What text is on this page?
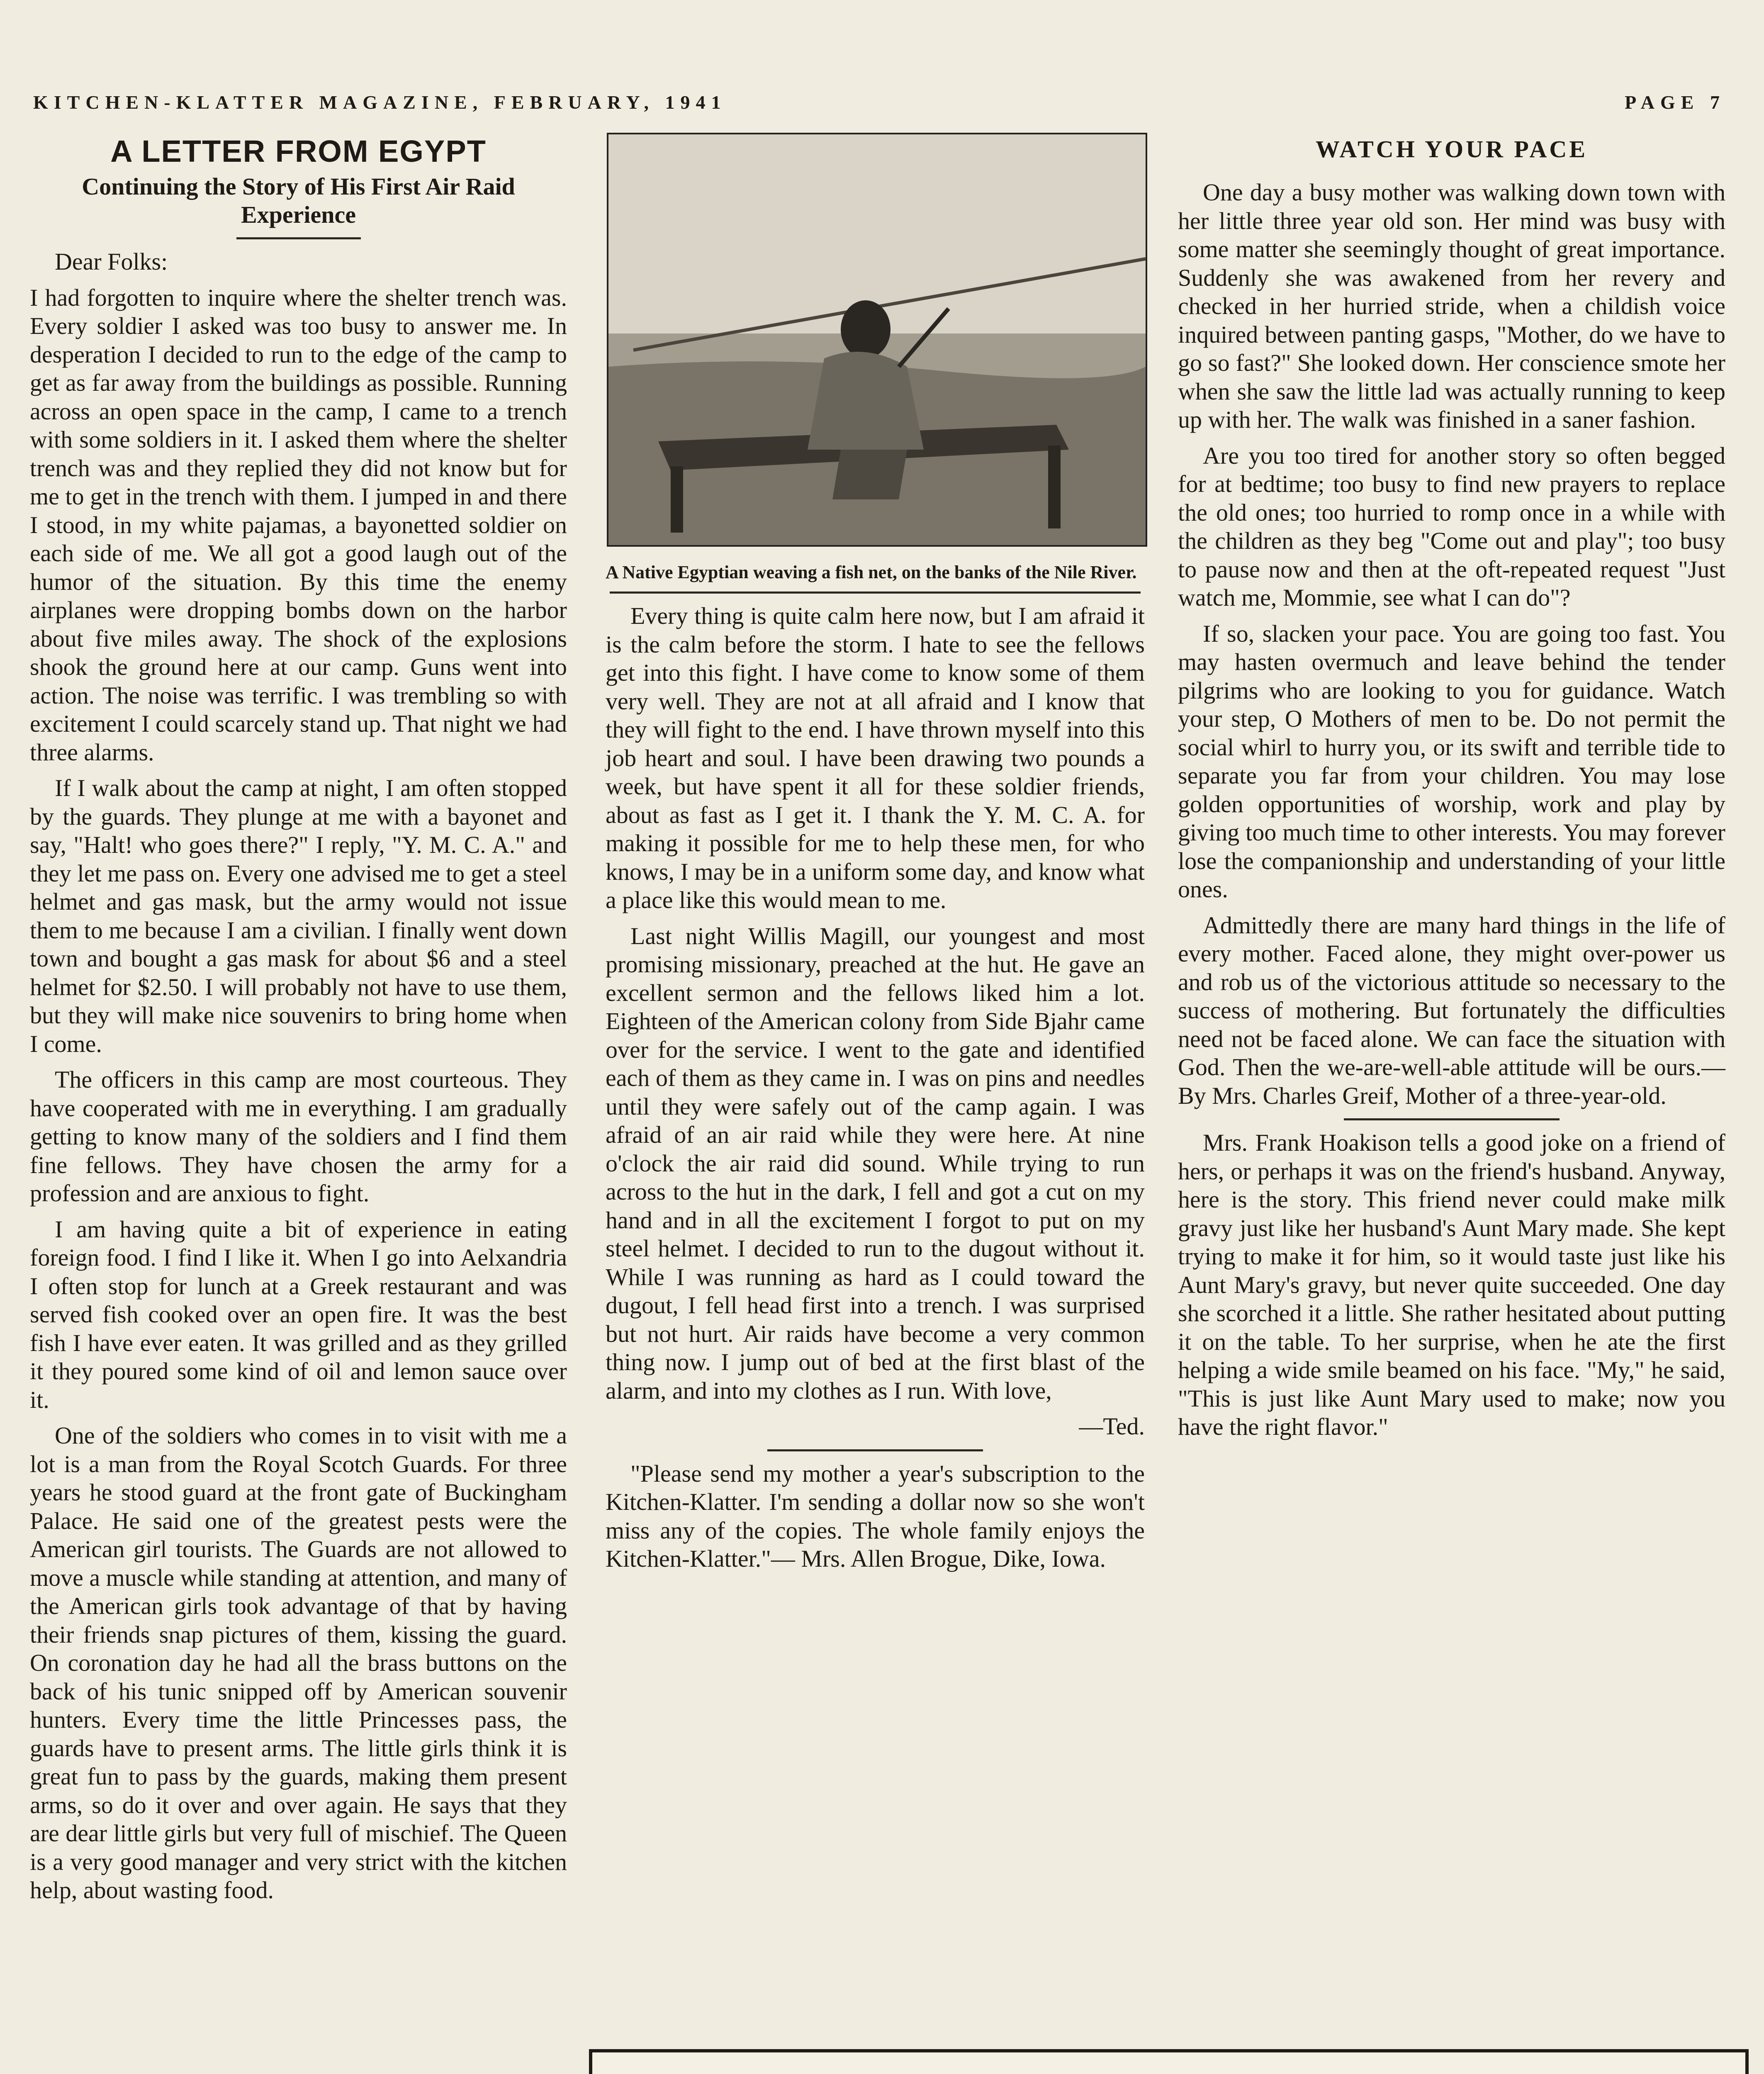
KITCHEN-KLATTER MAGAZINE, FEBRUARY, 1941	PAGE 7
A LETTER FROM EGYPT
Continuing the Story of His First Air Raid Experience

Dear Folks:

I had forgotten to inquire where the shelter trench was. Every soldier I asked was too busy to answer me. In desperation I decided to run to the edge of the camp to get as far away from the buildings as possible. Running across an open space in the camp, I came to a trench with some soldiers in it. I asked them where the shelter trench was and they replied they did not know but for me to get in the trench with them. I jumped in and there I stood, in my white pajamas, a bayonetted soldier on each side of me. We all got a good laugh out of the humor of the situation. By this time the enemy airplanes were dropping bombs down on the harbor about five miles away. The shock of the explosions shook the ground here at our camp. Guns went into action. The noise was terrific. I was trembling so with excitement I could scarcely stand up. That night we had three alarms.

If I walk about the camp at night, I am often stopped by the guards. They plunge at me with a bayonet and say, "Halt! who goes there?" I reply, "Y. M. C. A." and they let me pass on. Every one advised me to get a steel helmet and gas mask, but the army would not issue them to me because I am a civilian. I finally went down town and bought a gas mask for about $6 and a steel helmet for $2.50. I will probably not have to use them, but they will make nice souvenirs to bring home when I come.

The officers in this camp are most courteous. They have cooperated with me in everything. I am gradually getting to know many of the soldiers and I find them fine fellows. They have chosen the army for a profession and are anxious to fight.

I am having quite a bit of experience in eating foreign food. I find I like it. When I go into Aelxandria I often stop for lunch at a Greek restaurant and was served fish cooked over an open fire. It was the best fish I have ever eaten. It was grilled and as they grilled it they poured some kind of oil and lemon sauce over it.

One of the soldiers who comes in to visit with me a lot is a man from the Royal Scotch Guards. For three years he stood guard at the front gate of Buckingham Palace. He said one of the greatest pests were the American girl tourists. The Guards are not allowed to move a muscle while standing at attention, and many of the American girls took advantage of that by having their friends snap pictures of them, kissing the guard. On coronation day he had all the brass buttons on the back of his tunic snipped off by American souvenir hunters. Every time the little Princesses pass, the guards have to present arms. The little girls think it is great fun to pass by the guards, making them present arms, so do it over and over again. He says that they are dear little girls but very full of mischief. The Queen is a very good manager and very strict with the kitchen help, about wasting food.

A Native Egyptian weaving a fish net, on the banks of the Nile River.

Every thing is quite calm here now, but I am afraid it is the calm before the storm. I hate to see the fellows get into this fight. I have come to know some of them very well. They are not at all afraid and I know that they will fight to the end. I have thrown myself into this job heart and soul. I have been drawing two pounds a week, but have spent it all for these soldier friends, about as fast as I get it. I thank the Y. M. C. A. for making it possible for me to help these men, for who knows, I may be in a uniform some day, and know what a place like this would mean to me.

Last night Willis Magill, our youngest and most promising missionary, preached at the hut. He gave an excellent sermon and the fellows liked him a lot. Eighteen of the American colony from Side Bjahr came over for the service. I went to the gate and identified each of them as they came in. I was on pins and needles until they were safely out of the camp again. I was afraid of an air raid while they were here. At nine o'clock the air raid did sound. While trying to run across to the hut in the dark, I fell and got a cut on my hand and in all the excitement I forgot to put on my steel helmet. I decided to run to the dugout without it. While I was running as hard as I could toward the dugout, I fell head first into a trench. I was surprised but not hurt. Air raids have become a very common thing now. I jump out of bed at the first blast of the alarm, and into my clothes as I run. With love,

—Ted.

"Please send my mother a year's subscription to the Kitchen-Klatter. I'm sending a dollar now so she won't miss any of the copies. The whole family enjoys the Kitchen-Klatter."— Mrs. Allen Brogue, Dike, Iowa.

WATCH YOUR PACE

One day a busy mother was walking down town with her little three year old son. Her mind was busy with some matter she seemingly thought of great importance. Suddenly she was awakened from her revery and checked in her hurried stride, when a childish voice inquired between panting gasps, "Mother, do we have to go so fast?" She looked down. Her conscience smote her when she saw the little lad was actually running to keep up with her. The walk was finished in a saner fashion.

Are you too tired for another story so often begged for at bedtime; too busy to find new prayers to replace the old ones; too hurried to romp once in a while with the children as they beg "Come out and play"; too busy to pause now and then at the oft-repeated request "Just watch me, Mommie, see what I can do"?

If so, slacken your pace. You are going too fast. You may hasten overmuch and leave behind the tender pilgrims who are looking to you for guidance. Watch your step, O Mothers of men to be. Do not permit the social whirl to hurry you, or its swift and terrible tide to separate you far from your children. You may lose golden opportunities of worship, work and play by giving too much time to other interests. You may forever lose the companionship and understanding of your little ones.

Admittedly there are many hard things in the life of every mother. Faced alone, they might over-power us and rob us of the victorious attitude so necessary to the success of mothering. But fortunately the difficulties need not be faced alone. We can face the situation with God. Then the we-are-well-able attitude will be ours.—By Mrs. Charles Greif, Mother of a three-year-old.

Mrs. Frank Hoakison tells a good joke on a friend of hers, or perhaps it was on the friend's husband. Anyway, here is the story. This friend never could make milk gravy just like her husband's Aunt Mary made. She kept trying to make it for him, so it would taste just like his Aunt Mary's gravy, but never quite succeeded. One day she scorched it a little. She rather hesitated about putting it on the table. To her surprise, when he ate the first helping a wide smile beamed on his face. "My," he said, "This is just like Aunt Mary used to make; now you have the right flavor."
